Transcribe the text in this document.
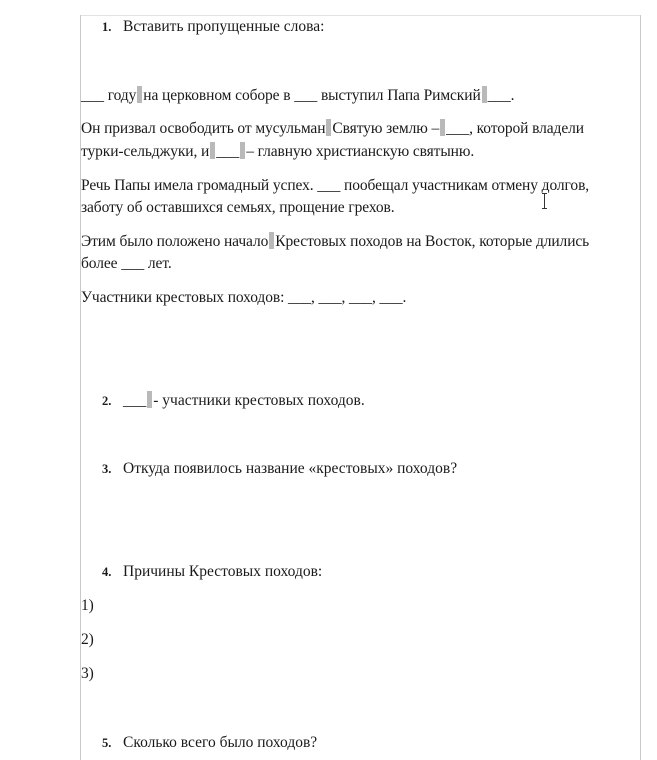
1. Вставить пропущенные слова:
___ году на церковном соборе в ___ выступил Папа Римский ___.
Он призвал освободить от мусульман Святую землю – ___, которой владели
турки-сельджуки, и ___ – главную христианскую святыню.
Речь Папы имела громадный успех. ___ пообещал участникам отмену долгов,
заботу об оставшихся семьях, прощение грехов.
Этим было положено начало Крестовых походов на Восток, которые длились
более ___ лет.
Участники крестовых походов: ___, ___, ___, ___.
2. ___ - участники крестовых походов.
3. Откуда появилось название «крестовых» походов?
4. Причины Крестовых походов:
1)
2)
3)
5. Сколько всего было походов?
